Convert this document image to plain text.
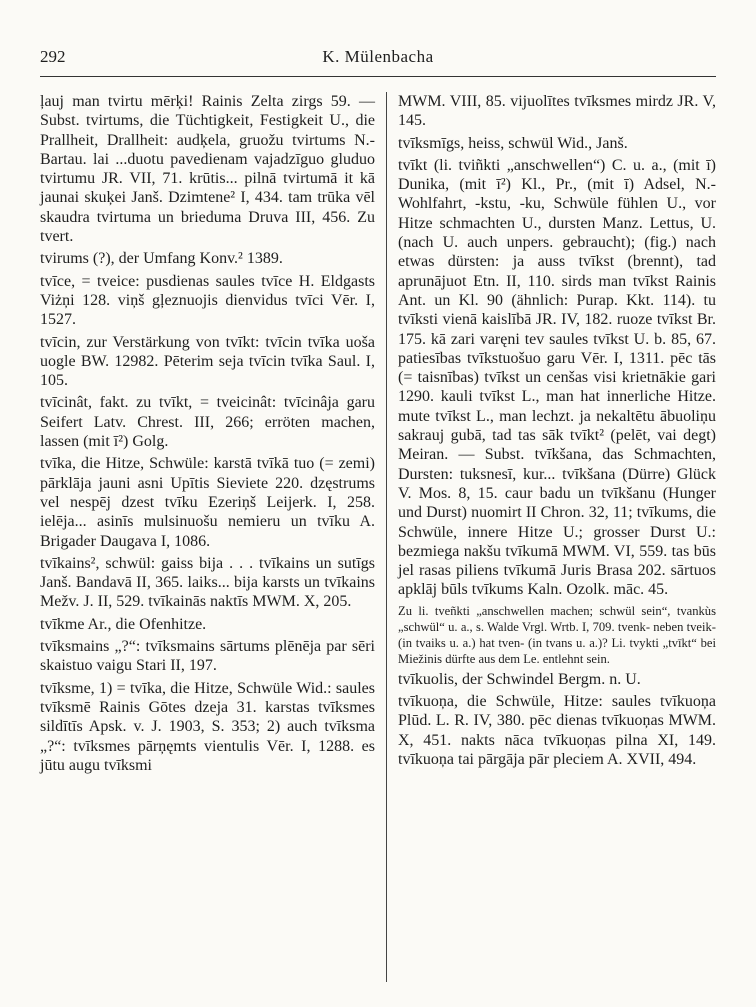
292	K. Mülenbacha

ļauj man tvirtu mērķi! Rainis Zelta zirgs 59. — Subst. tvirtums, die Tüchtigkeit, Festigkeit U., die Prallheit, Drallheit: audķela, gruožu tvirtums N.-Bartau. lai ...duotu pavedienam vajadzīguo gluduo tvirtumu JR. VII, 71. krūtis... pilnā tvirtumā it kā jaunai skuķei Janš. Dzimtene² I, 434. tam trūka vēl skaudra tvirtuma un brieduma Druva III, 456. Zu tvert.

tvirums (?), der Umfang Konv.² 1389.

tvīce, = tveice: pusdienas saules tvīce H. Eldgasts Viżņi 128. viņš gļeznuojis dienvidus tvīci Vēr. I, 1527.

tvīcin, zur Verstärkung von tvīkt: tvīcin tvīka uoša uogle BW. 12982. Pēterim seja tvīcin tvīka Saul. I, 105.

tvīcinât, fakt. zu tvīkt, = tveicinât: tvīcinâja garu Seifert Latv. Chrest. III, 266; erröten machen, lassen (mit ī²) Golg.

tvīka, die Hitze, Schwüle: karstā tvīkā tuo (= zemi) pārklāja jauni asni Upītis Sieviete 220. dzęstrums vel nespēj dzest tvīku Ezeriņš Leijerk. I, 258. ielēja... asinīs mulsinuošu nemieru un tvīku A. Brigader Daugava I, 1086.

tvīkains², schwül: gaiss bija . . . tvīkains un sutīgs Janš. Bandavā II, 365. laiks... bija karsts un tvīkains Mežv. J. II, 529. tvīkainās naktīs MWM. X, 205.

tvīkme Ar., die Ofenhitze.

tvīksmains „?“: tvīksmains sārtums plēnēja par sēri skaistuo vaigu Stari II, 197.

tvīksme, 1) = tvīka, die Hitze, Schwüle Wid.: saules tvīksmē Rainis Gōtes dzeja 31. karstas tvīksmes sildītīs Apsk. v. J. 1903, S. 353; 2) auch tvīksma „?“: tvīksmes pārņęmts vientulis Vēr. I, 1288. es jūtu augu tvīksmi

MWM. VIII, 85. vijuolītes tvīksmes mirdz JR. V, 145.

tvīksmīgs, heiss, schwül Wid., Janš.

tvīkt (li. tviñkti „anschwellen“) C. u. a., (mit ī) Dunika, (mit ī²) Kl., Pr., (mit ī) Adsel, N.-Wohlfahrt, -kstu, -ku, Schwüle fühlen U., vor Hitze schmachten U., dursten Manz. Lettus, U. (nach U. auch unpers. gebraucht); (fig.) nach etwas dürsten: ja auss tvīkst (brennt), tad aprunājuot Etn. II, 110. sirds man tvīkst Rainis Ant. un Kl. 90 (ähnlich: Purap. Kkt. 114). tu tvīksti vienā kaislībā JR. IV, 182. ruoze tvīkst Br. 175. kā zari varęni tev saules tvīkst U. b. 85, 67. patiesības tvīkstuošuo garu Vēr. I, 1311. pēc tās (= taisnības) tvīkst un cenšas visi krietnākie gari 1290. kauli tvīkst L., man hat innerliche Hitze. mute tvīkst L., man lechzt. ja nekaltētu ābuoliņu sakrauj gubā, tad tas sāk tvīkt² (pelēt, vai degt) Meiran. — Subst. tvīkšana, das Schmachten, Dursten: tuksnesī, kur... tvīkšana (Dürre) Glück V. Mos. 8, 15. caur badu un tvīkšanu (Hunger und Durst) nuomirt II Chron. 32, 11; tvīkums, die Schwüle, innere Hitze U.; grosser Durst U.: bezmiega nakšu tvīkumā MWM. VI, 559. tas būs jel rasas piliens tvīkumā Juris Brasa 202. sārtuos apklāj būls tvīkums Kaln. Ozolk. māc. 45.

Zu li. tveñkti „anschwellen machen; schwül sein“, tvankùs „schwül“ u. a., s. Walde Vrgl. Wrtb. I, 709. tvenk- neben tveik- (in tvaiks u. a.) hat tven- (in tvans u. a.)? Li. tvykti „tvīkt“ bei Miežinis dürfte aus dem Le. entlehnt sein.

tvīkuolis, der Schwindel Bergm. n. U.

tvīkuoņa, die Schwüle, Hitze: saules tvīkuoņa Plūd. L. R. IV, 380. pēc dienas tvīkuoņas MWM. X, 451. nakts nāca tvīkuoņas pilna XI, 149. tvīkuoņa tai pārgāja pār pleciem A. XVII, 494.
